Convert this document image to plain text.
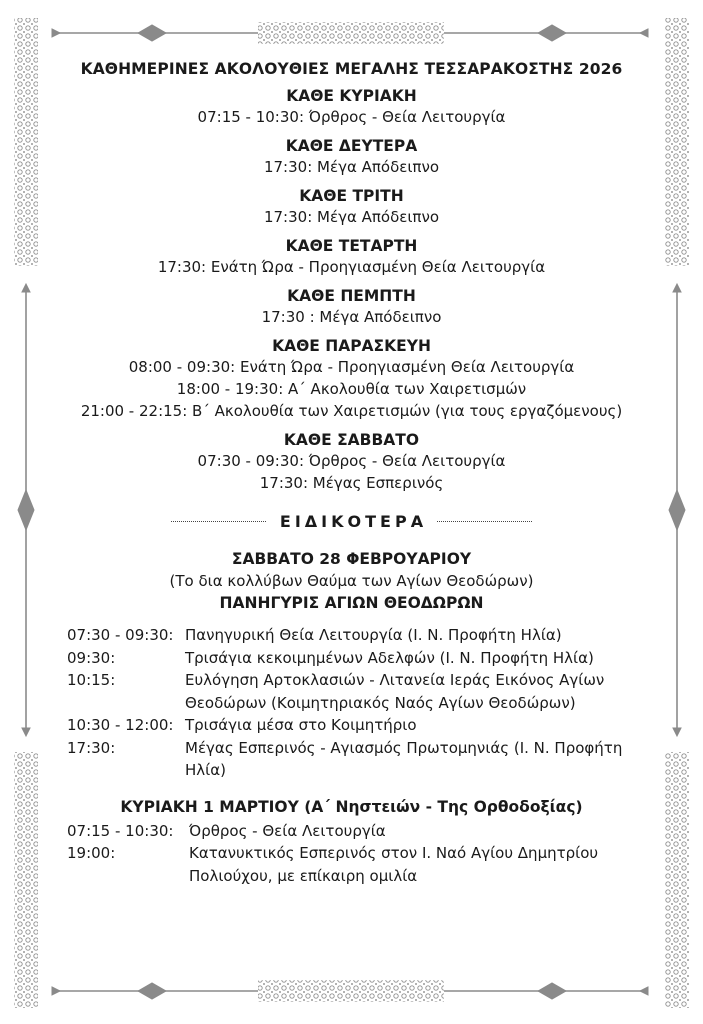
ΚΑΘΗΜΕΡΙΝΕΣ ΑΚΟΛΟΥΘΙΕΣ ΜΕΓΑΛΗΣ ΤΕΣΣΑΡΑΚΟΣΤΗΣ 2026
ΚΑΘΕ ΚΥΡΙΑΚΗ
07:15 - 10:30: Όρθρος - Θεία Λειτουργία
ΚΑΘΕ ΔΕΥΤΕΡΑ
17:30: Μέγα Απόδειπνο
ΚΑΘΕ ΤΡΙΤΗ
17:30: Μέγα Απόδειπνο
ΚΑΘΕ ΤΕΤΑΡΤΗ
17:30: Ενάτη Ώρα - Προηγιασμένη Θεία Λειτουργία
ΚΑΘΕ ΠΕΜΠΤΗ
17:30 : Μέγα Απόδειπνο
ΚΑΘΕ ΠΑΡΑΣΚΕΥΗ
08:00 - 09:30: Ενάτη Ώρα - Προηγιασμένη Θεία Λειτουργία
18:00 - 19:30: Α΄ Ακολουθία των Χαιρετισμών
21:00 - 22:15: Β΄ Ακολουθία των Χαιρετισμών (για τους εργαζόμενους)
ΚΑΘΕ ΣΑΒΒΑΤΟ
07:30 - 09:30: Όρθρος - Θεία Λειτουργία
17:30: Μέγας Εσπερινός
ΕΙΔΙΚΟΤΕΡΑ
ΣΑΒΒΑΤΟ 28 ΦΕΒΡΟΥΑΡΙΟΥ
(Το δια κολλύβων Θαύμα των Αγίων Θεοδώρων)
ΠΑΝΗΓΥΡΙΣ ΑΓΙΩΝ ΘΕΟΔΩΡΩΝ
07:30 - 09:30: Πανηγυρική Θεία Λειτουργία (Ι. Ν. Προφήτη Ηλία)
09:30:	Τρισάγια κεκοιμημένων Αδελφών (Ι. Ν. Προφήτη Ηλία)
10:15:	Ευλόγηση Αρτοκλασιών - Λιτανεία Ιεράς Εικόνος Αγίων Θεοδώρων (Κοιμητηριακός Ναός Αγίων Θεοδώρων)
10:30 - 12:00: Τρισάγια μέσα στο Κοιμητήριο
17:30:	Μέγας Εσπερινός - Αγιασμός Πρωτομηνιάς (Ι. Ν. Προφήτη Ηλία)
ΚΥΡΙΑΚΗ 1 ΜΑΡΤΙΟΥ (Α΄ Νηστειών - Της Ορθοδοξίας)
07:15 - 10:30:	Όρθρος - Θεία Λειτουργία
19:00:	Κατανυκτικός Εσπερινός στον Ι. Ναό Αγίου Δημητρίου Πολιούχου, με επίκαιρη ομιλία
